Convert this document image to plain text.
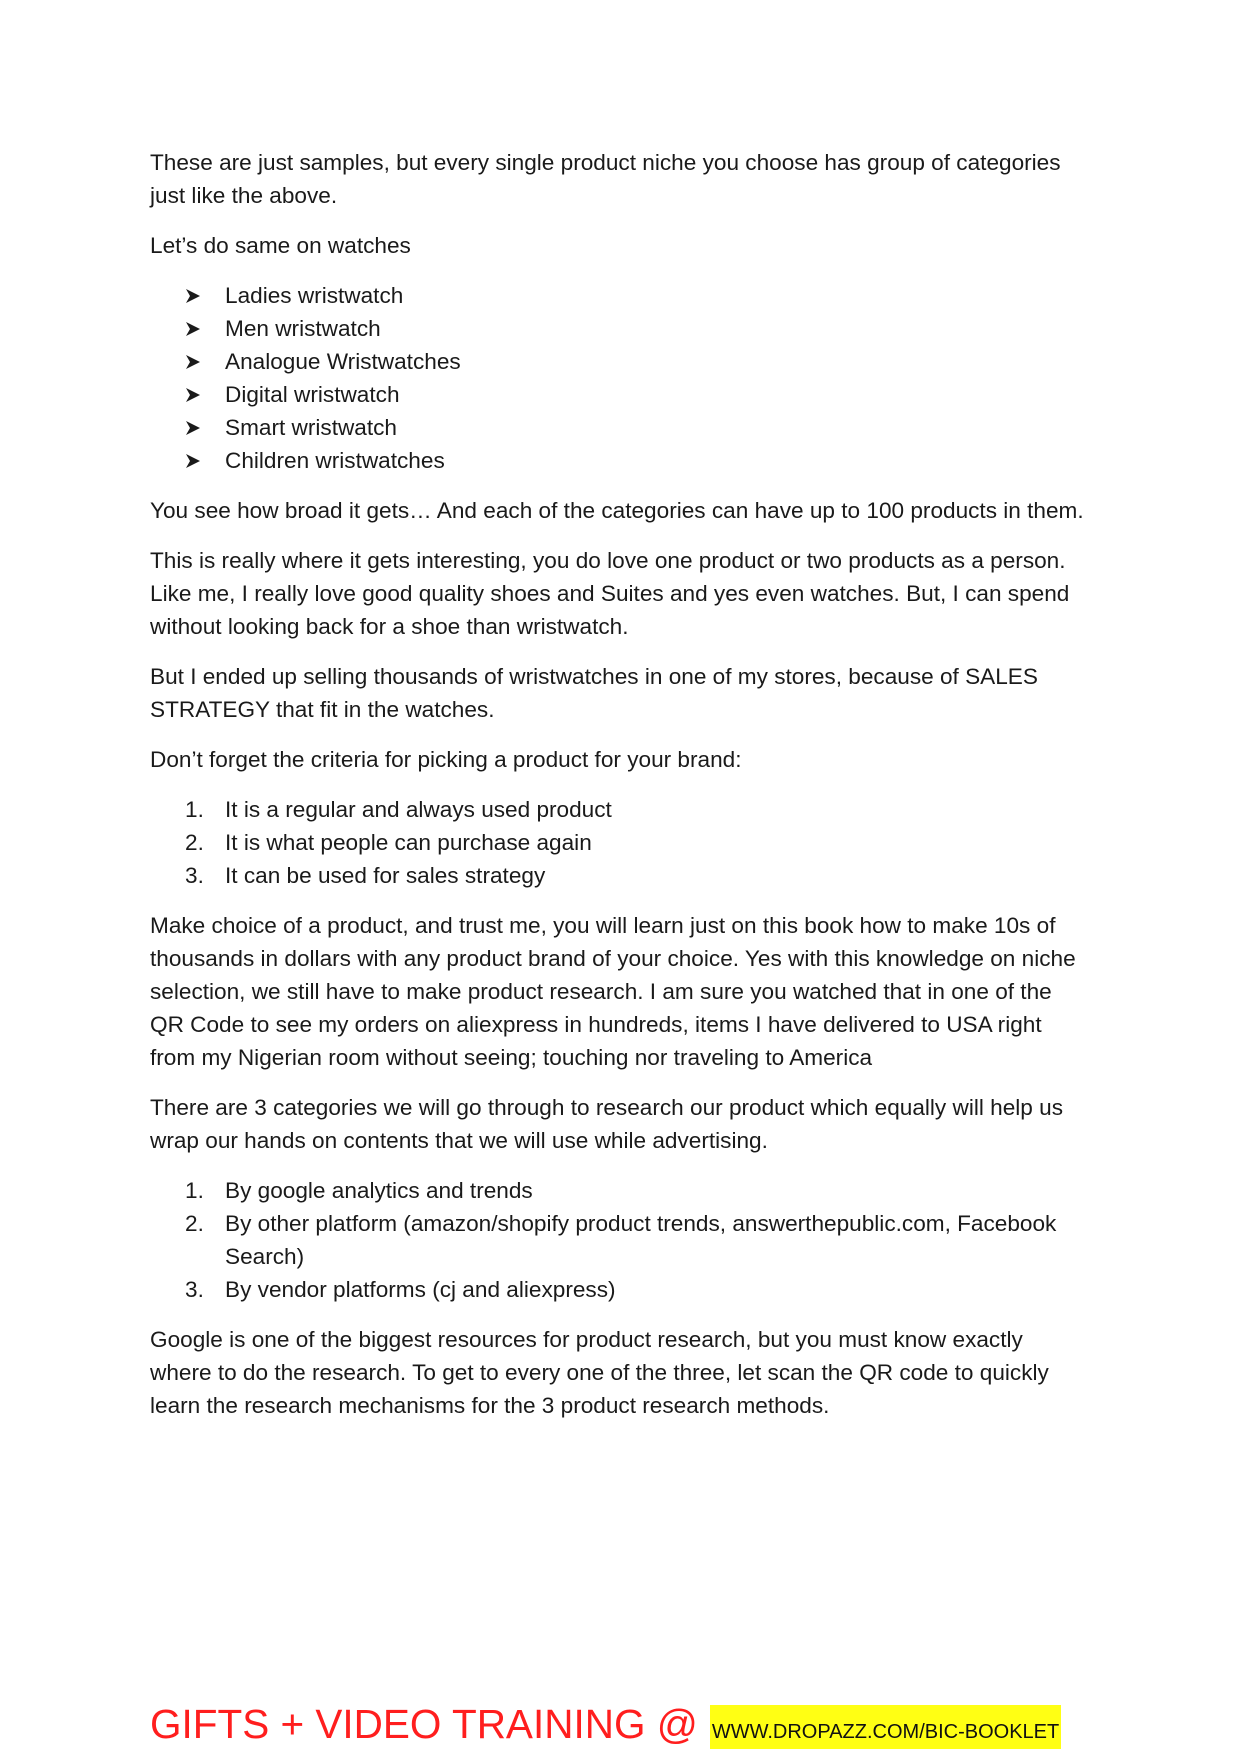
These are just samples, but every single product niche you choose has group of categories just like the above.

Let’s do same on watches

Ladies wristwatch
Men wristwatch
Analogue Wristwatches
Digital wristwatch
Smart wristwatch
Children wristwatches

You see how broad it gets… And each of the categories can have up to 100 products in them.

This is really where it gets interesting, you do love one product or two products as a person. Like me, I really love good quality shoes and Suites and yes even watches. But, I can spend without looking back for a shoe than wristwatch.

But I ended up selling thousands of wristwatches in one of my stores, because of SALES STRATEGY that fit in the watches.

Don’t forget the criteria for picking a product for your brand:

1. It is a regular and always used product
2. It is what people can purchase again
3. It can be used for sales strategy

Make choice of a product, and trust me, you will learn just on this book how to make 10s of thousands in dollars with any product brand of your choice. Yes with this knowledge on niche selection, we still have to make product research. I am sure you watched that in one of the QR Code to see my orders on aliexpress in hundreds, items I have delivered to USA right from my Nigerian room without seeing; touching nor traveling to America

There are 3 categories we will go through to research our product which equally will help us wrap our hands on contents that we will use while advertising.

1. By google analytics and trends
2. By other platform (amazon/shopify product trends, answerthepublic.com, Facebook Search)
3. By vendor platforms (cj and aliexpress)

Google is one of the biggest resources for product research, but you must know exactly where to do the research. To get to every one of the three, let scan the QR code to quickly learn the research mechanisms for the 3 product research methods.

GIFTS + VIDEO TRAINING @ WWW.DROPAZZ.COM/BIC-BOOKLET
